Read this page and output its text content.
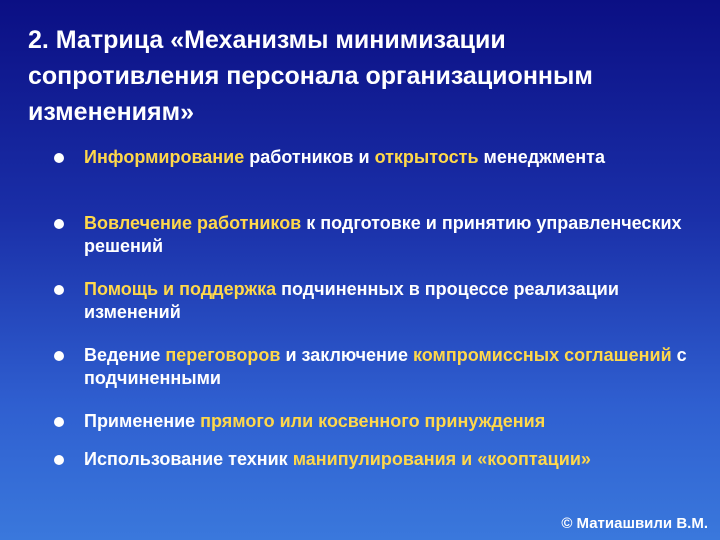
2. Матрица «Механизмы минимизации сопротивления персонала организационным изменениям»
Информирование работников и открытость менеджмента
Вовлечение работников к подготовке и принятию управленческих решений
Помощь и поддержка подчиненных в процессе реализации изменений
Ведение переговоров и заключение компромиссных соглашений с подчиненными
Применение прямого или косвенного принуждения
Использование техник манипулирования и «кооптации»
© Матиашвили В.М.
